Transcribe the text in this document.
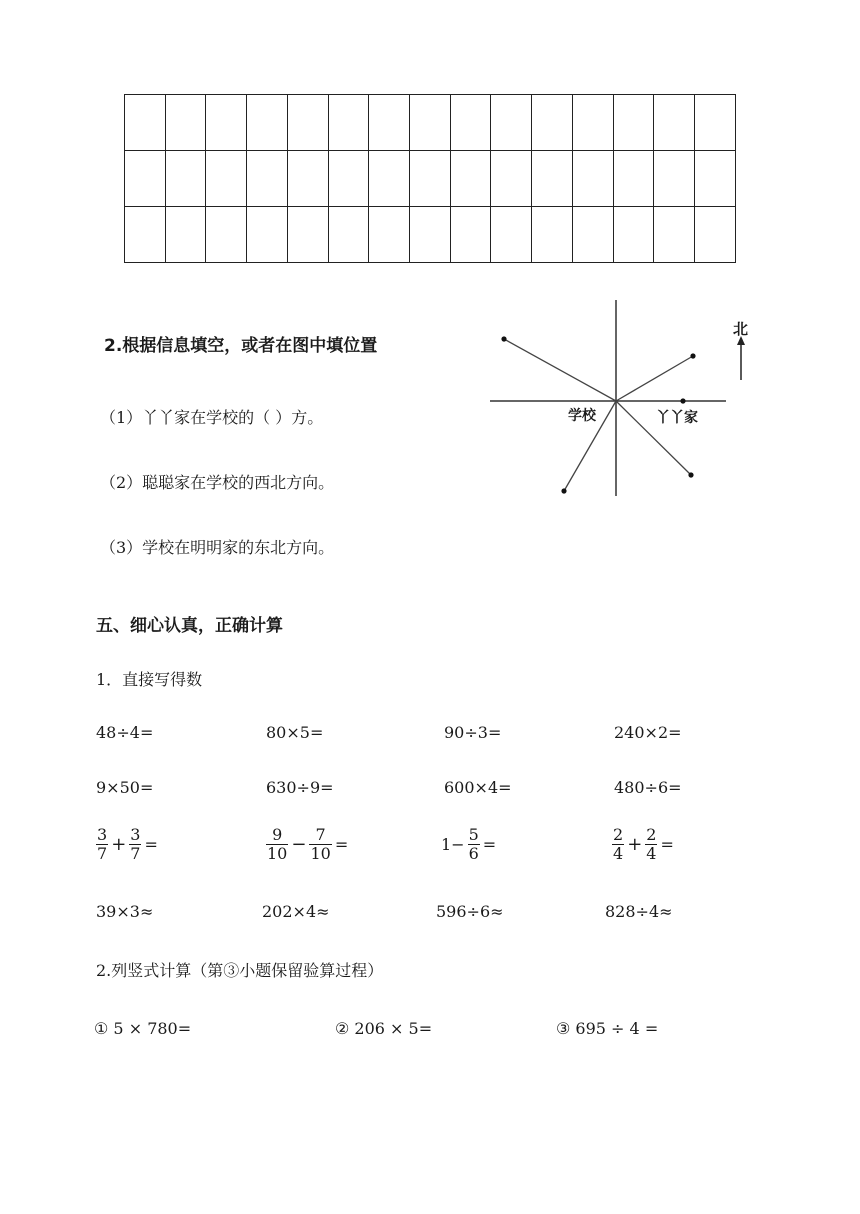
2.根据信息填空，或者在图中填位置
（1）丫丫家在学校的（ ）方。
（2）聪聪家在学校的西北方向。
（3）学校在明明家的东北方向。
北
学校	丫丫家
五、细心认真，正确计算
1．直接写得数
48÷4=	80×5=	90÷3=	240×2=
9×50=	630÷9=	600×4=	480÷6=
$\frac{3}{7} + \frac{3}{7}$ =	$\frac{9}{10} - \frac{7}{10}$ =	$1- \frac{5}{6}$ =	$\frac{2}{4} + \frac{2}{4}$ =
39×3≈	202×4≈	596÷6≈	828÷4≈
2.列竖式计算（第③小题保留验算过程）
① 5 × 780=	② 206 × 5=	③ 695 ÷ 4 =
